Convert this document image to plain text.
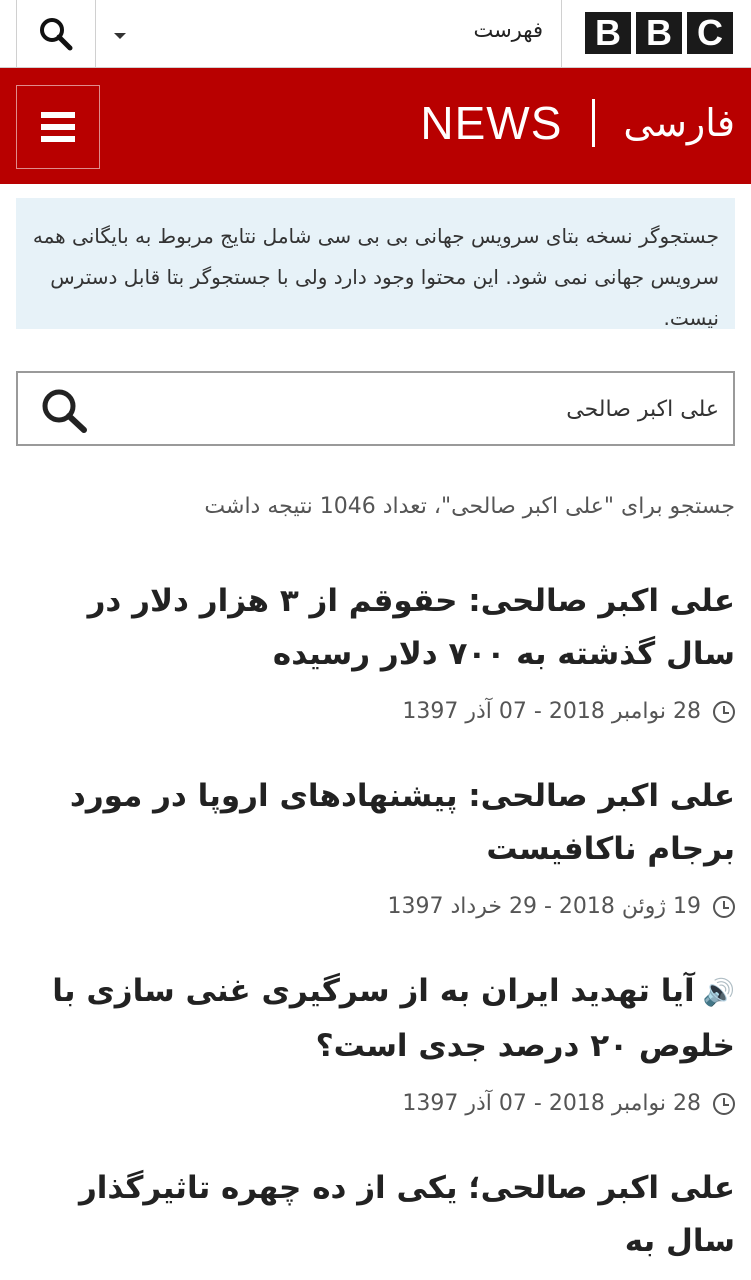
فهرست B B C
NEWS فارسی
جستجوگر نسخه بتای سرویس جهانی بی بی سی شامل نتایج مربوط به بایگانی همه سرویس جهانی نمی شود. این محتوا وجود دارد ولی با جستجوگر بتا قابل دسترس نیست.
علی اکبر صالحی
جستجو برای "علی اکبر صالحی"، تعداد 1046 نتیجه داشت
علی اکبر صالحی: حقوقم از ۳ هزار دلار در سال گذشته به ۷۰۰ دلار رسیده
28 نوامبر 2018 - 07 آذر 1397
علی اکبر صالحی: پیشنهادهای اروپا در مورد برجام ناکافیست
19 ژوئن 2018 - 29 خرداد 1397
🔊آیا تهدید ایران به از سرگیری غنی سازی با خلوص ۲۰ درصد جدی است؟
28 نوامبر 2018 - 07 آذر 1397
علی اکبر صالحی؛ یکی از ده چهره تاثیرگذار سال به
